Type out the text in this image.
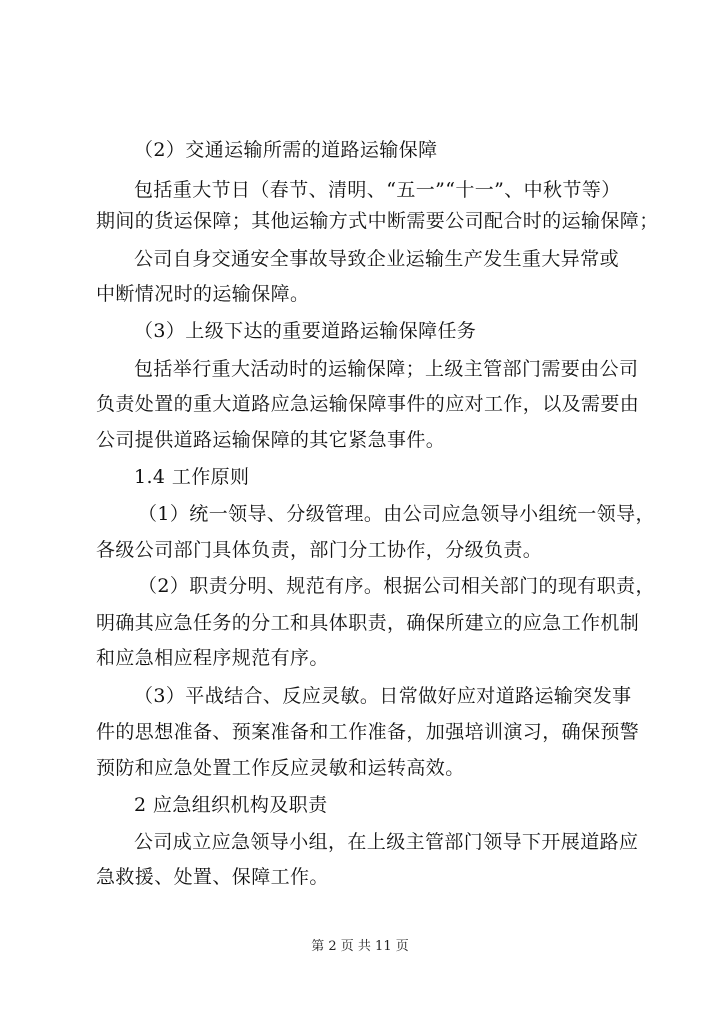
（2）交通运输所需的道路运输保障
包括重大节日（春节、清明、“五一”“十一”、中秋节等）
期间的货运保障；其他运输方式中断需要公司配合时的运输保障；
公司自身交通安全事故导致企业运输生产发生重大异常或
中断情况时的运输保障。
（3）上级下达的重要道路运输保障任务
包括举行重大活动时的运输保障；上级主管部门需要由公司
负责处置的重大道路应急运输保障事件的应对工作，以及需要由
公司提供道路运输保障的其它紧急事件。
1.4 工作原则
（1）统一领导、分级管理。由公司应急领导小组统一领导，
各级公司部门具体负责，部门分工协作，分级负责。
（2）职责分明、规范有序。根据公司相关部门的现有职责，
明确其应急任务的分工和具体职责，确保所建立的应急工作机制
和应急相应程序规范有序。
（3）平战结合、反应灵敏。日常做好应对道路运输突发事
件的思想准备、预案准备和工作准备，加强培训演习，确保预警
预防和应急处置工作反应灵敏和运转高效。
2 应急组织机构及职责
公司成立应急领导小组，在上级主管部门领导下开展道路应
急救援、处置、保障工作。
第 2 页 共 11 页
